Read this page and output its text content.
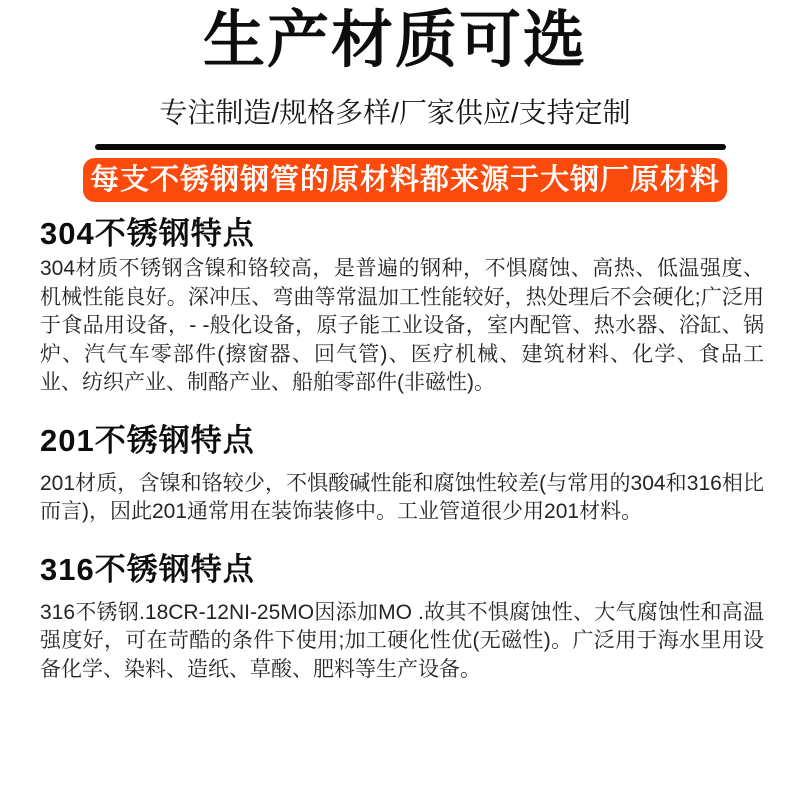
生产材质可选
专注制造/规格多样/厂家供应/支持定制
每支不锈钢钢管的原材料都来源于大钢厂原材料
304不锈钢特点

304材质不锈钢含镍和铬较高，是普遍的钢种，不惧腐蚀、高热、低温强度、机械性能良好。深冲压、弯曲等常温加工性能较好，热处理后不会硬化;广泛用于食品用设备，- -般化设备，原子能工业设备，室内配管、热水器、浴缸、锅炉、汽气车零部件(擦窗器、回气管)、医疗机械、建筑材料、化学、食品工业、纺织产业、制酪产业、船舶零部件(非磁性)。

201不锈钢特点

201材质，含镍和铬较少，不惧酸碱性能和腐蚀性较差(与常用的304和316相比而言)，因此201通常用在装饰装修中。工业管道很少用201材料。

316不锈钢特点

316不锈钢.18CR-12NI-25MO因添加MO .故其不惧腐蚀性、大气腐蚀性和高温强度好，可在苛酷的条件下使用;加工硬化性优(无磁性)。广泛用于海水里用设备化学、染料、造纸、草酸、肥料等生产设备。
